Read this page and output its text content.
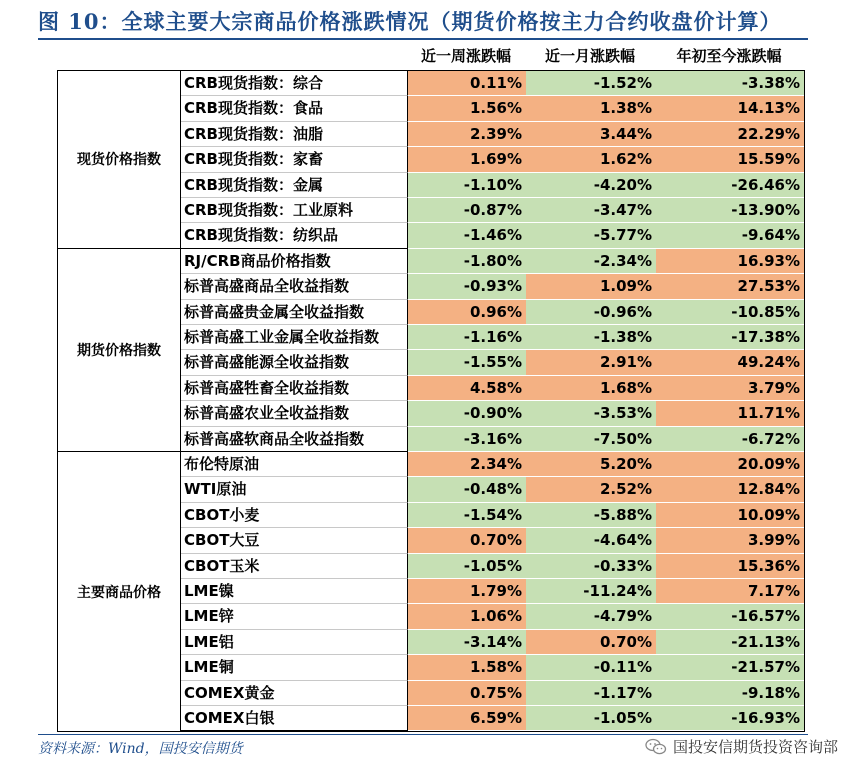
图 10：全球主要大宗商品价格涨跌情况（期货价格按主力合约收盘价计算）
近一周涨跌幅	近一月涨跌幅	年初至今涨跌幅
现货价格指数
CRB现货指数：综合	0.11%	-1.52%	-3.38%
CRB现货指数：食品	1.56%	1.38%	14.13%
CRB现货指数：油脂	2.39%	3.44%	22.29%
CRB现货指数：家畜	1.69%	1.62%	15.59%
CRB现货指数：金属	-1.10%	-4.20%	-26.46%
CRB现货指数：工业原料	-0.87%	-3.47%	-13.90%
CRB现货指数：纺织品	-1.46%	-5.77%	-9.64%
期货价格指数
RJ/CRB商品价格指数	-1.80%	-2.34%	16.93%
标普高盛商品全收益指数	-0.93%	1.09%	27.53%
标普高盛贵金属全收益指数	0.96%	-0.96%	-10.85%
标普高盛工业金属全收益指数	-1.16%	-1.38%	-17.38%
标普高盛能源全收益指数	-1.55%	2.91%	49.24%
标普高盛牲畜全收益指数	4.58%	1.68%	3.79%
标普高盛农业全收益指数	-0.90%	-3.53%	11.71%
标普高盛软商品全收益指数	-3.16%	-7.50%	-6.72%
主要商品价格
布伦特原油	2.34%	5.20%	20.09%
WTI原油	-0.48%	2.52%	12.84%
CBOT小麦	-1.54%	-5.88%	10.09%
CBOT大豆	0.70%	-4.64%	3.99%
CBOT玉米	-1.05%	-0.33%	15.36%
LME镍	1.79%	-11.24%	7.17%
LME锌	1.06%	-4.79%	-16.57%
LME铝	-3.14%	0.70%	-21.13%
LME铜	1.58%	-0.11%	-21.57%
COMEX黄金	0.75%	-1.17%	-9.18%
COMEX白银	6.59%	-1.05%	-16.93%
资料来源：Wind，国投安信期货	国投安信期货投资咨询部
